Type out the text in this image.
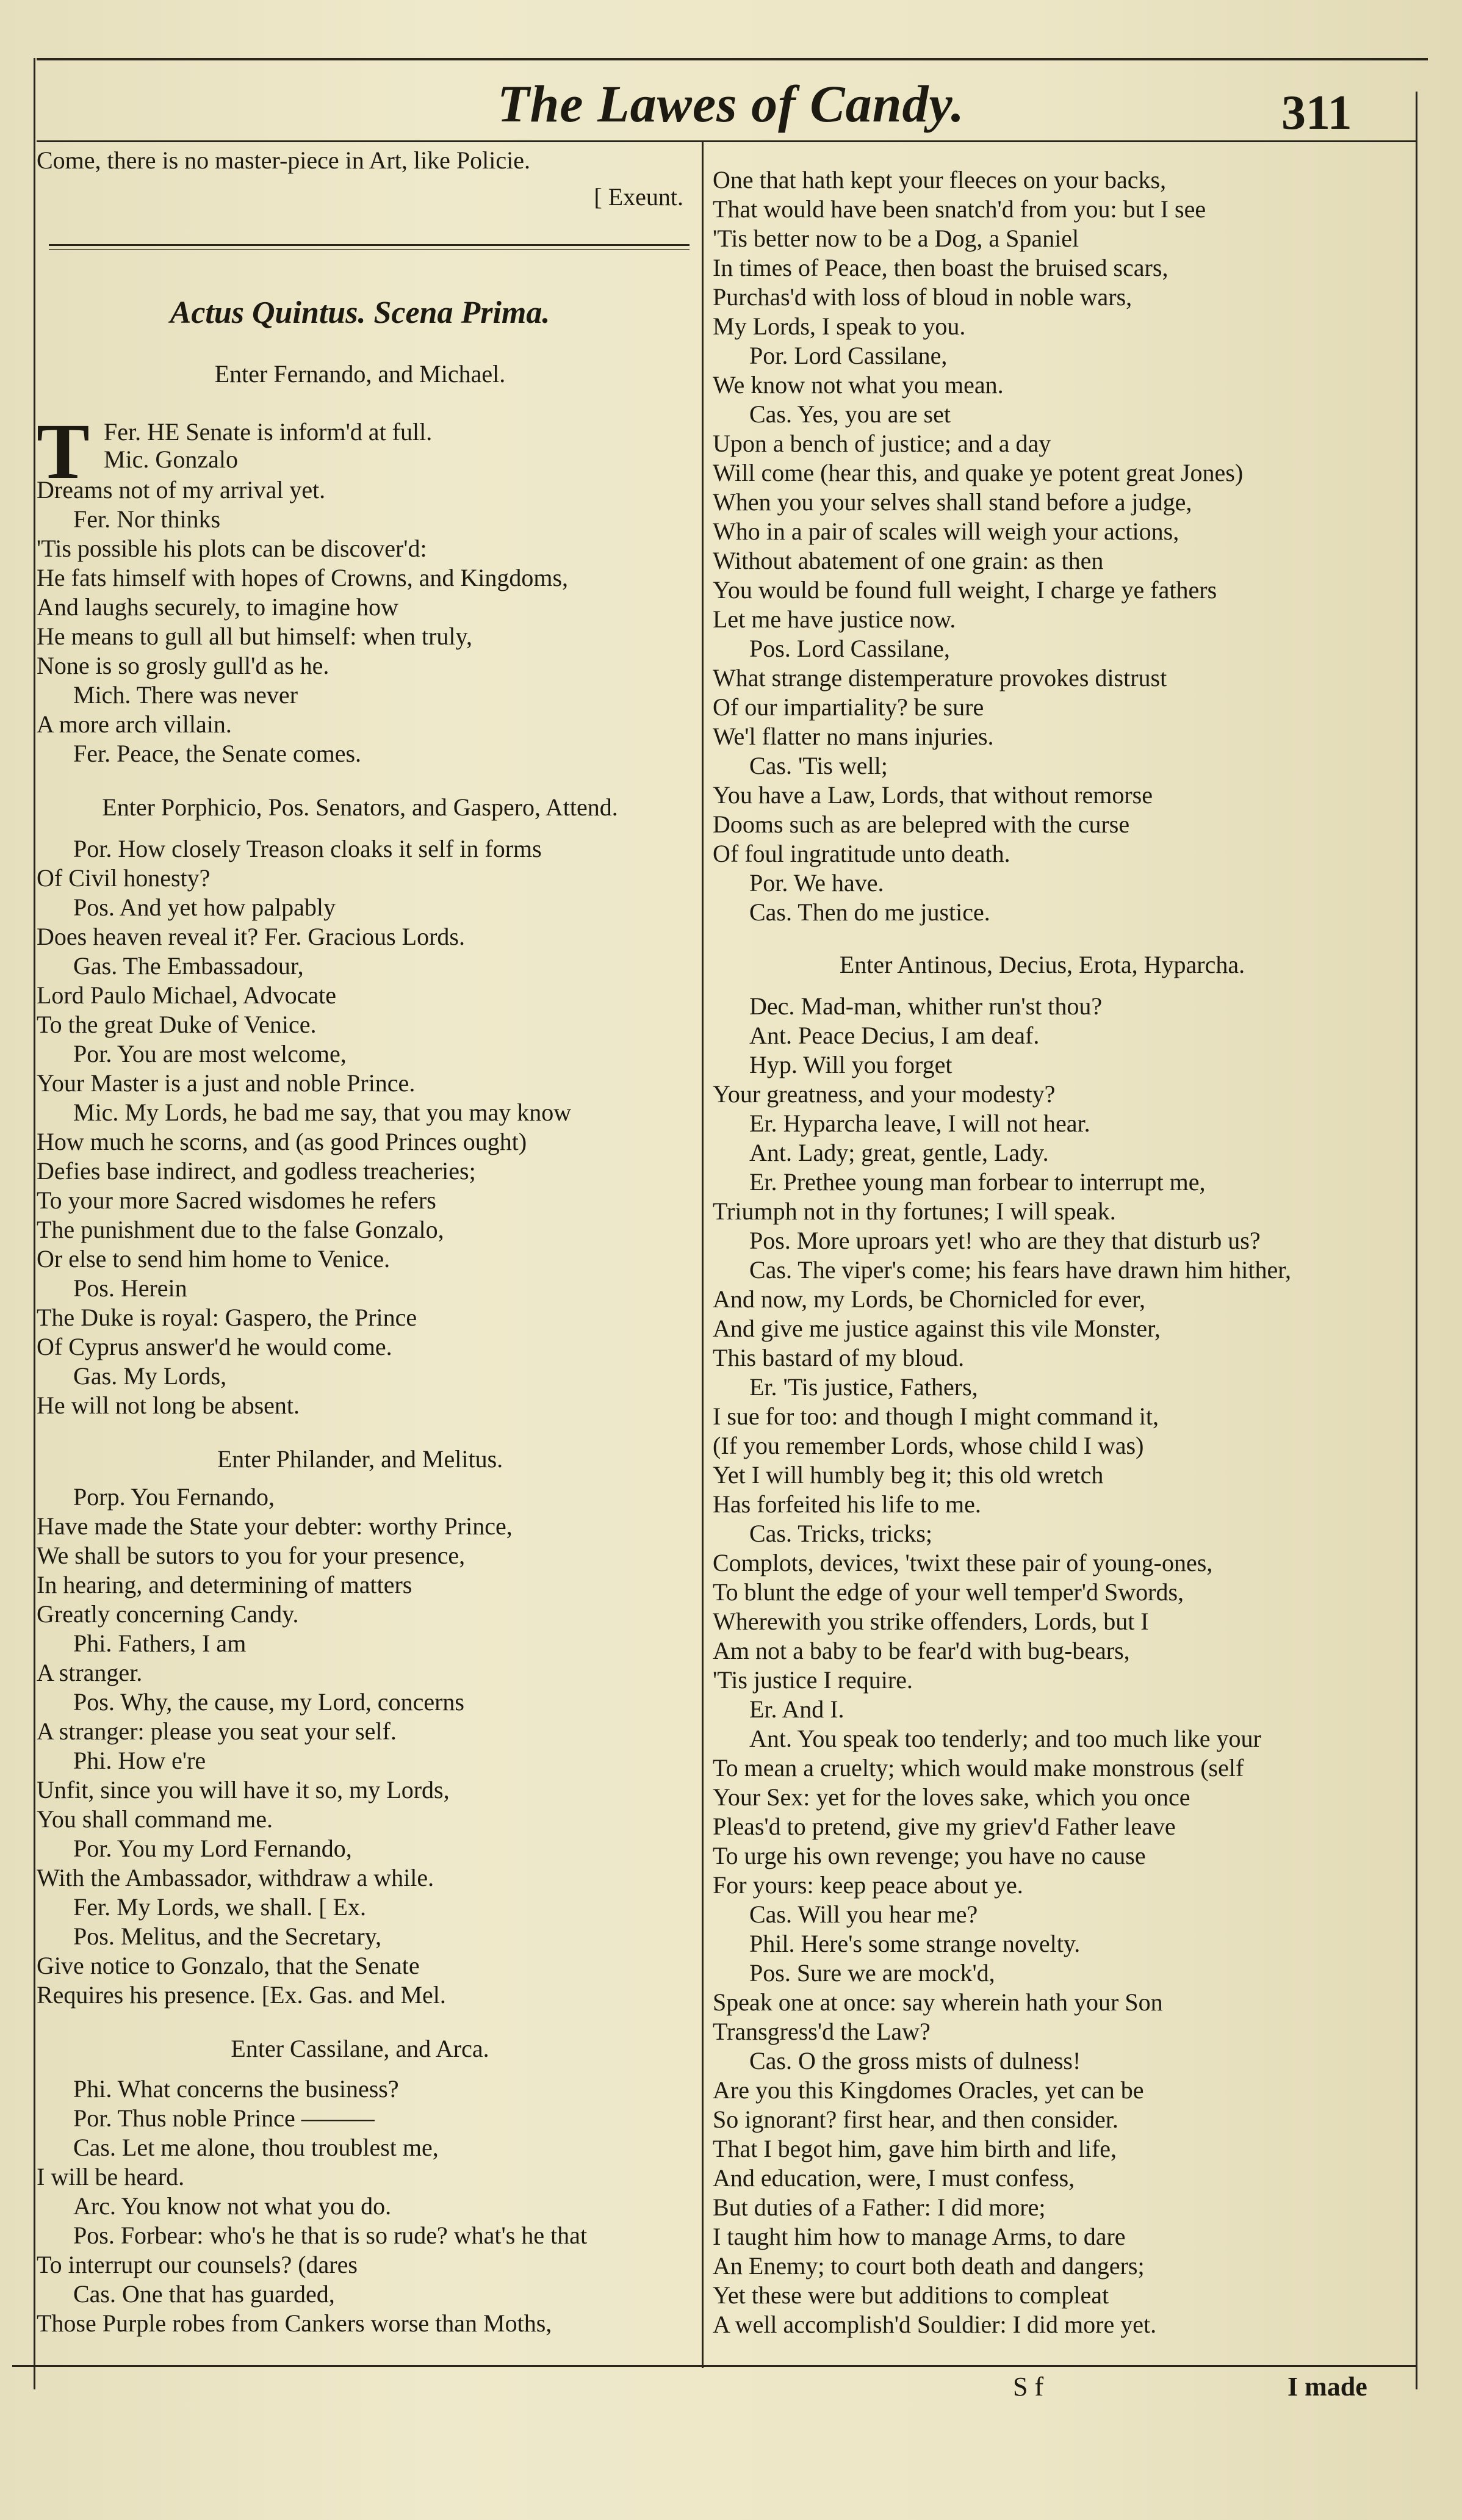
The Lawes of Candy.	311
T
Come, there is no master-piece in Art, like Policie.
[ Exeunt.
Actus Quintus. Scena Prima.
Enter Fernando, and Michael.
Fer. HE Senate is inform'd at full.
Mic. Gonzalo
Dreams not of my arrival yet.
Fer. Nor thinks
'Tis possible his plots can be discover'd:
He fats himself with hopes of Crowns, and Kingdoms,
And laughs securely, to imagine how
He means to gull all but himself: when truly,
None is so grosly gull'd as he.
Mich. There was never
A more arch villain.
Fer. Peace, the Senate comes.
Enter Porphicio, Pos. Senators, and Gaspero, Attend.
Por. How closely Treason cloaks it self in forms
Of Civil honesty?
Pos. And yet how palpably
Does heaven reveal it? Fer. Gracious Lords.
Gas. The Embassadour,
Lord Paulo Michael, Advocate
To the great Duke of Venice.
Por. You are most welcome,
Your Master is a just and noble Prince.
Mic. My Lords, he bad me say, that you may know
How much he scorns, and (as good Princes ought)
Defies base indirect, and godless treacheries;
To your more Sacred wisdomes he refers
The punishment due to the false Gonzalo,
Or else to send him home to Venice.
Pos. Herein
The Duke is royal: Gaspero, the Prince
Of Cyprus answer'd he would come.
Gas. My Lords,
He will not long be absent.
Enter Philander, and Melitus.
Porp. You Fernando,
Have made the State your debter: worthy Prince,
We shall be sutors to you for your presence,
In hearing, and determining of matters
Greatly concerning Candy.
Phi. Fathers, I am
A stranger.
Pos. Why, the cause, my Lord, concerns
A stranger: please you seat your self.
Phi. How e're
Unfit, since you will have it so, my Lords,
You shall command me.
Por. You my Lord Fernando,
With the Ambassador, withdraw a while.
Fer. My Lords, we shall. [ Ex.
Pos. Melitus, and the Secretary,
Give notice to Gonzalo, that the Senate
Requires his presence. [Ex. Gas. and Mel.
Enter Cassilane, and Arca.
Phi. What concerns the business?
Por. Thus noble Prince ———
Cas. Let me alone, thou troublest me,
I will be heard.
Arc. You know not what you do.
Pos. Forbear: who's he that is so rude? what's he that
To interrupt our counsels? (dares
Cas. One that has guarded,
Those Purple robes from Cankers worse than Moths,
One that hath kept your fleeces on your backs,
That would have been snatch'd from you: but I see
'Tis better now to be a Dog, a Spaniel
In times of Peace, then boast the bruised scars,
Purchas'd with loss of bloud in noble wars,
My Lords, I speak to you.
Por. Lord Cassilane,
We know not what you mean.
Cas. Yes, you are set
Upon a bench of justice; and a day
Will come (hear this, and quake ye potent great Jones)
When you your selves shall stand before a judge,
Who in a pair of scales will weigh your actions,
Without abatement of one grain: as then
You would be found full weight, I charge ye fathers
Let me have justice now.
Pos. Lord Cassilane,
What strange distemperature provokes distrust
Of our impartiality? be sure
We'l flatter no mans injuries.
Cas. 'Tis well;
You have a Law, Lords, that without remorse
Dooms such as are belepred with the curse
Of foul ingratitude unto death.
Por. We have.
Cas. Then do me justice.
Enter Antinous, Decius, Erota, Hyparcha.
Dec. Mad-man, whither run'st thou?
Ant. Peace Decius, I am deaf.
Hyp. Will you forget
Your greatness, and your modesty?
Er. Hyparcha leave, I will not hear.
Ant. Lady; great, gentle, Lady.
Er. Prethee young man forbear to interrupt me,
Triumph not in thy fortunes; I will speak.
Pos. More uproars yet! who are they that disturb us?
Cas. The viper's come; his fears have drawn him hither,
And now, my Lords, be Chornicled for ever,
And give me justice against this vile Monster,
This bastard of my bloud.
Er. 'Tis justice, Fathers,
I sue for too: and though I might command it,
(If you remember Lords, whose child I was)
Yet I will humbly beg it; this old wretch
Has forfeited his life to me.
Cas. Tricks, tricks;
Complots, devices, 'twixt these pair of young-ones,
To blunt the edge of your well temper'd Swords,
Wherewith you strike offenders, Lords, but I
Am not a baby to be fear'd with bug-bears,
'Tis justice I require.
Er. And I.
Ant. You speak too tenderly; and too much like your
To mean a cruelty; which would make monstrous (self
Your Sex: yet for the loves sake, which you once
Pleas'd to pretend, give my griev'd Father leave
To urge his own revenge; you have no cause
For yours: keep peace about ye.
Cas. Will you hear me?
Phil. Here's some strange novelty.
Pos. Sure we are mock'd,
Speak one at once: say wherein hath your Son
Transgress'd the Law?
Cas. O the gross mists of dulness!
Are you this Kingdomes Oracles, yet can be
So ignorant? first hear, and then consider.
That I begot him, gave him birth and life,
And education, were, I must confess,
But duties of a Father: I did more;
I taught him how to manage Arms, to dare
An Enemy; to court both death and dangers;
Yet these were but additions to compleat
A well accomplish'd Souldier: I did more yet.
S f	I made
